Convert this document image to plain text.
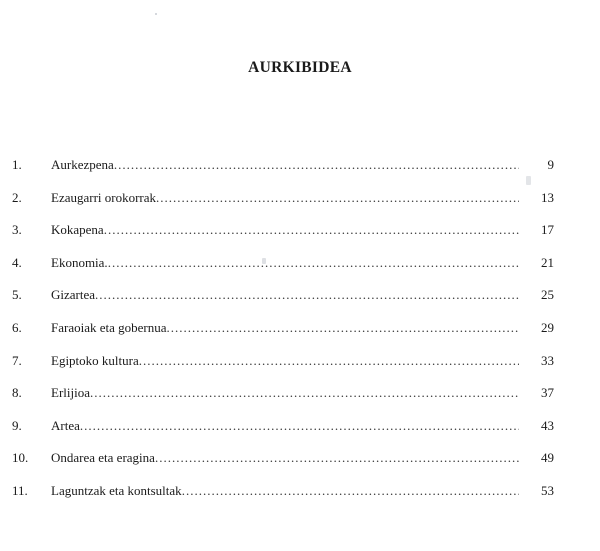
AURKIBIDEA
1. Aurkezpena .....	9
2. Ezaugarri orokorrak .....	13
3. Kokapena .....	17
4. Ekonomia. .....	21
5. Gizartea .....	25
6. Faraoiak eta gobernua .....	29
7. Egiptoko kultura .....	33
8. Erlijioa .....	37
9. Artea .....	43
10. Ondarea eta eragina .....	49
11. Laguntzak eta kontsultak .....	53
